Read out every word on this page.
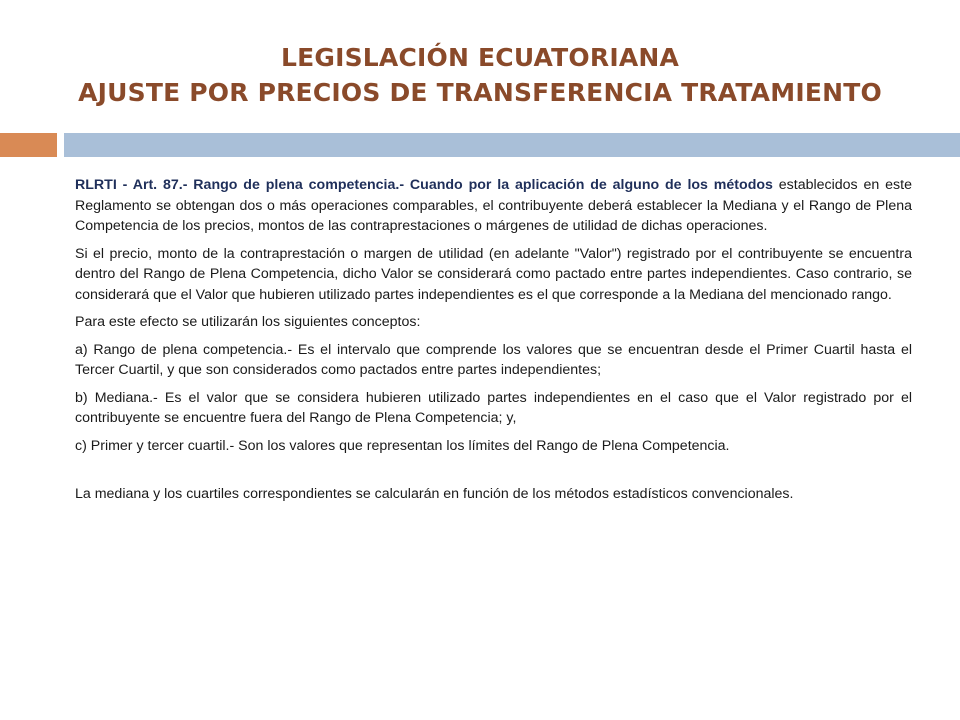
LEGISLACIÓN ECUATORIANA
AJUSTE POR PRECIOS DE TRANSFERENCIA TRATAMIENTO

RLRTI - Art. 87.- Rango de plena competencia.- Cuando por la aplicación de alguno de los métodos establecidos en este Reglamento se obtengan dos o más operaciones comparables, el contribuyente deberá establecer la Mediana y el Rango de Plena Competencia de los precios, montos de las contraprestaciones o márgenes de utilidad de dichas operaciones.

Si el precio, monto de la contraprestación o margen de utilidad (en adelante "Valor") registrado por el contribuyente se encuentra dentro del Rango de Plena Competencia, dicho Valor se considerará como pactado entre partes independientes. Caso contrario, se considerará que el Valor que hubieren utilizado partes independientes es el que corresponde a la Mediana del mencionado rango.

Para este efecto se utilizarán los siguientes conceptos:

a) Rango de plena competencia.- Es el intervalo que comprende los valores que se encuentran desde el Primer Cuartil hasta el Tercer Cuartil, y que son considerados como pactados entre partes independientes;

b) Mediana.- Es el valor que se considera hubieren utilizado partes independientes en el caso que el Valor registrado por el contribuyente se encuentre fuera del Rango de Plena Competencia; y,

c) Primer y tercer cuartil.- Son los valores que representan los límites del Rango de Plena Competencia.

La mediana y los cuartiles correspondientes se calcularán en función de los métodos estadísticos convencionales.
